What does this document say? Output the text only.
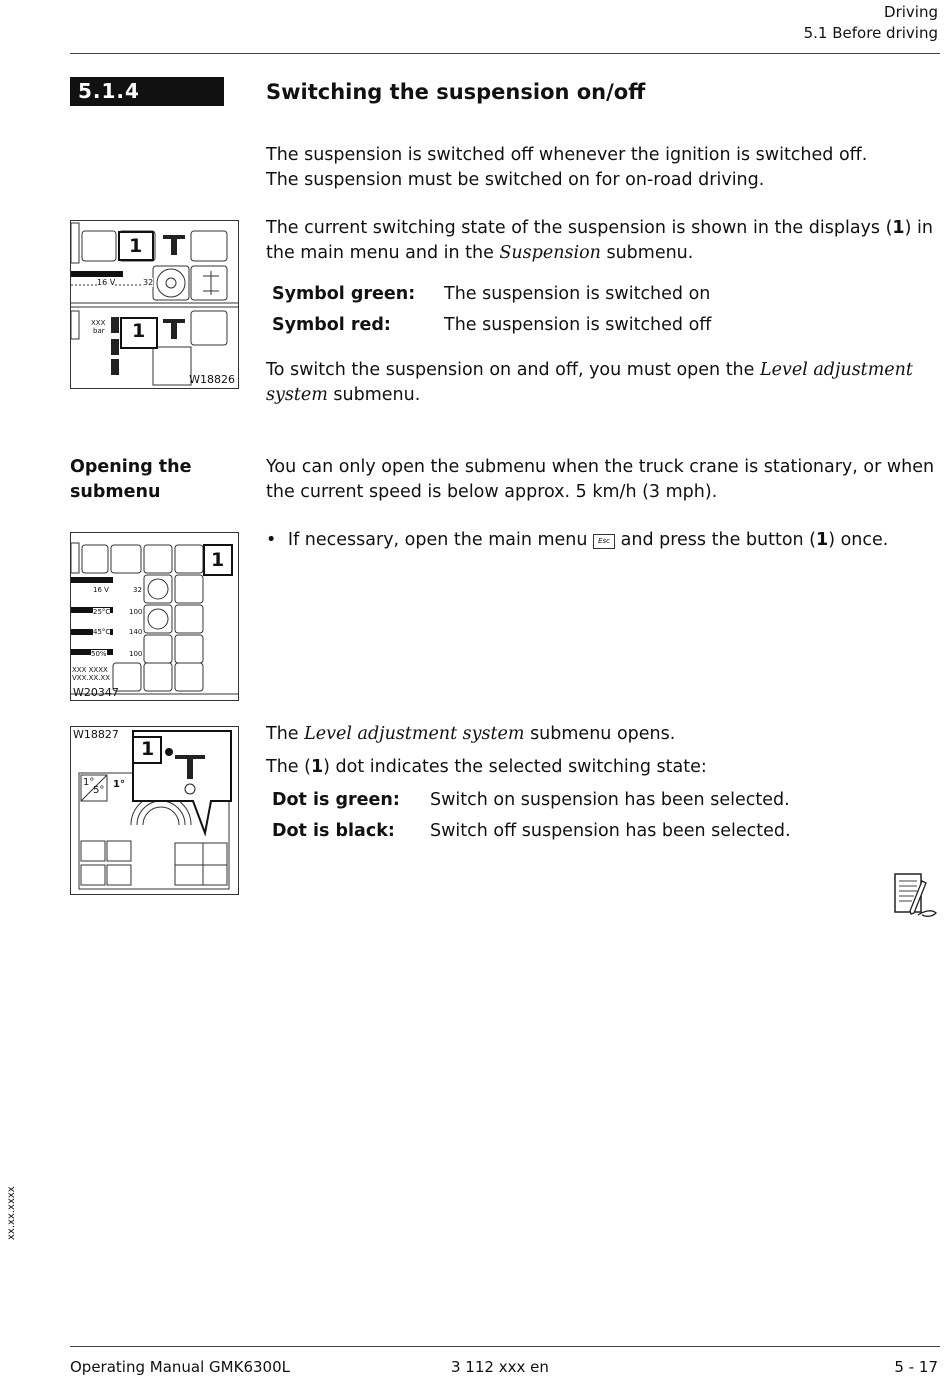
Driving
5.1 Before driving
5.1.4	Switching the suspension on/off
The suspension is switched off whenever the ignition is switched off.
The suspension must be switched on for on-road driving.
1
1
16 V	32
XXX
bar
W18826
The current switching state of the suspension is shown in the displays (1) in the main menu and in the Suspension submenu.
Symbol green: The suspension is switched on
Symbol red:	The suspension is switched off
To switch the suspension on and off, you must open the Level adjustment
system submenu.
Opening the
submenu
You can only open the submenu when the truck crane is stationary, or when
the current speed is below approx. 5 km/h (3 mph).
• If necessary, open the main menu Esc and press the button (1) once.
1
16 V	32
25°C	100
45°C	140
50%	100
XXX XXXX
VXX.XX.XX
W20347
W18827
1
1°
5°
1°
The Level adjustment system submenu opens.
The (1) dot indicates the selected switching state:
Dot is green: Switch on suspension has been selected.
Dot is black: Switch off suspension has been selected.
xx.xx.xxxx
Operating Manual GMK6300L	3 112 xxx en	5 - 17
